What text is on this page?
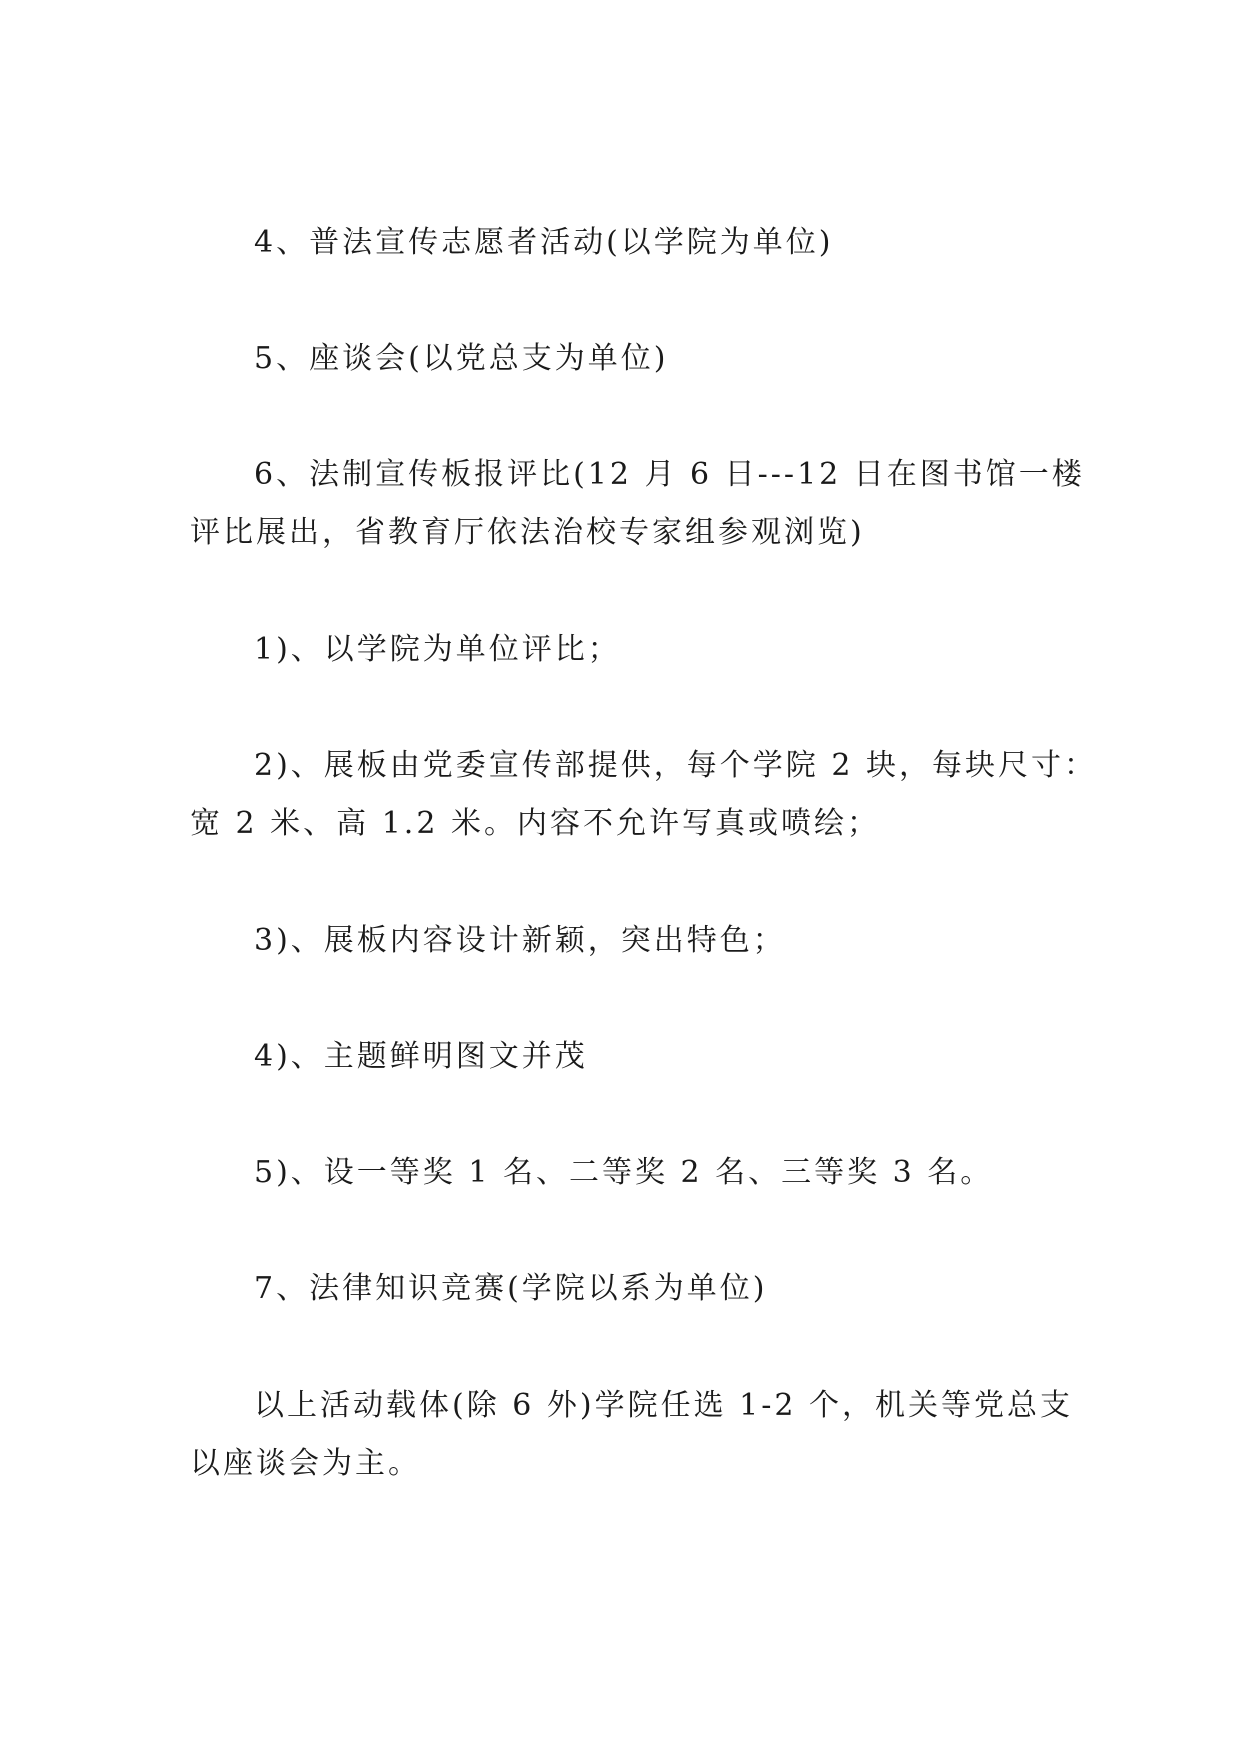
4、普法宣传志愿者活动(以学院为单位)

5、座谈会(以党总支为单位)

6、法制宣传板报评比(12 月 6 日---12 日在图书馆一楼
评比展出，省教育厅依法治校专家组参观浏览)

1)、以学院为单位评比；

2)、展板由党委宣传部提供，每个学院 2 块，每块尺寸：
宽 2 米、高 1.2 米。内容不允许写真或喷绘；

3)、展板内容设计新颖，突出特色；

4)、主题鲜明图文并茂

5)、设一等奖 1 名、二等奖 2 名、三等奖 3 名。

7、法律知识竞赛(学院以系为单位)

以上活动载体(除 6 外)学院任选 1-2 个，机关等党总支
以座谈会为主。
